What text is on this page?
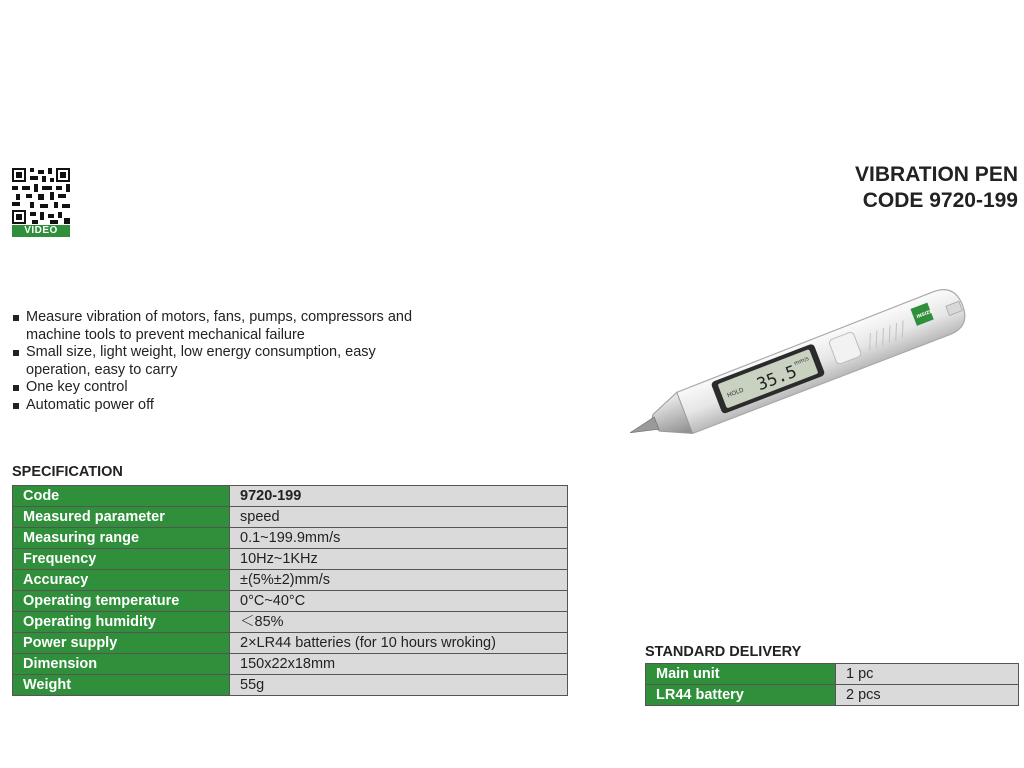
VIDEO
VIBRATION PEN
CODE 9720-199
Measure vibration of motors, fans, pumps, compressors and machine tools to prevent mechanical failure
Small size, light weight, low energy consumption, easy operation, easy to carry
One key control
Automatic power off
HOLD 35.5
mm/s
INSIZE
SPECIFICATION
Code	9720-199
Measured parameter	speed
Measuring range	0.1~199.9mm/s
Frequency	10Hz~1KHz
Accuracy	±(5%±2)mm/s
Operating temperature	0°C~40°C
Operating humidity	＜85%
Power supply	2×LR44 batteries (for 10 hours wroking)
Dimension	150x22x18mm
Weight	55g
STANDARD DELIVERY
Main unit	1 pc
LR44 battery	2 pcs
